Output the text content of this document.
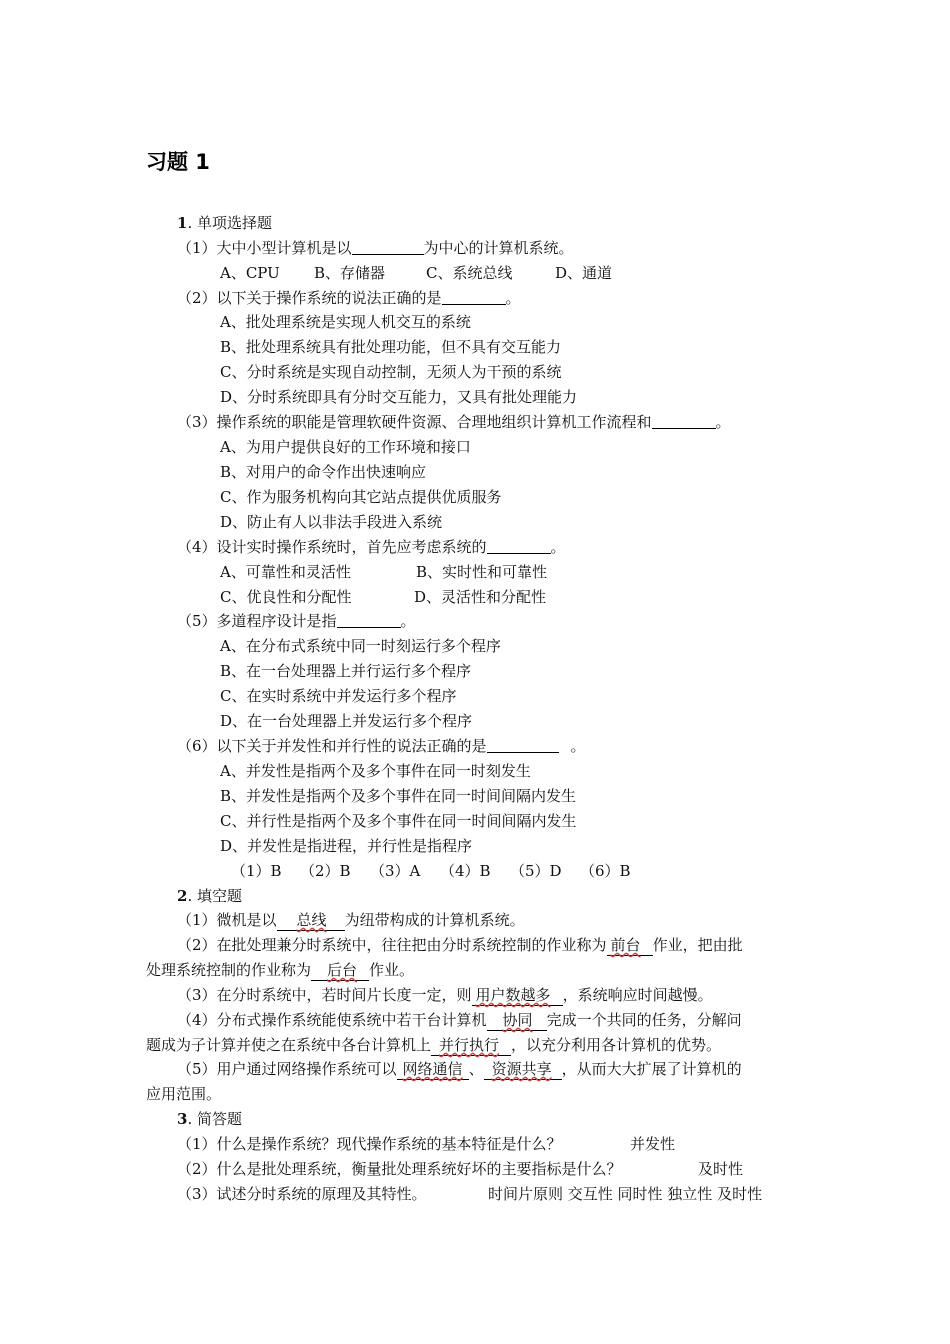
习题 1
1. 单项选择题
（1）大中小型计算机是以	为中心的计算机系统。
A、CPU B、存储器	C、系统总线	D、通道
（2）以下关于操作系统的说法正确的是	。
A、批处理系统是实现人机交互的系统
B、批处理系统具有批处理功能，但不具有交互能力
C、分时系统是实现自动控制，无须人为干预的系统
D、分时系统即具有分时交互能力，又具有批处理能力
（3）操作系统的职能是管理软硬件资源、合理地组织计算机工作流程和	。
A、为用户提供良好的工作环境和接口
B、对用户的命令作出快速响应
C、作为服务机构向其它站点提供优质服务
D、防止有人以非法手段进入系统
（4）设计实时操作系统时，首先应考虑系统的	。
A、可靠性和灵活性	B、实时性和可靠性
C、优良性和分配性	D、灵活性和分配性
（5）多道程序设计是指	。
A、在分布式系统中同一时刻运行多个程序
B、在一台处理器上并行运行多个程序
C、在实时系统中并发运行多个程序
D、在一台处理器上并发运行多个程序
（6）以下关于并发性和并行性的说法正确的是	。
A、并发性是指两个及多个事件在同一时刻发生
B、并发性是指两个及多个事件在同一时间间隔内发生
C、并行性是指两个及多个事件在同一时间间隔内发生
D、并发性是指进程，并行性是指程序
（1）B （2）B （3）A （4）B （5）D （6）B
2. 填空题
（1）微机是以 总线 为纽带构成的计算机系统。
（2）在批处理兼分时系统中，往往把由分时系统控制的作业称为 前台 作业，把由批
处理系统控制的作业称为 后台 作业。
（3）在分时系统中，若时间片长度一定，则 用户数越多 ，系统响应时间越慢。
（4）分布式操作系统能使系统中若干台计算机 协同 完成一个共同的任务，分解问
题成为子计算并使之在系统中各台计算机上 并行执行 ，以充分利用各计算机的优势。
（5）用户通过网络操作系统可以 网络通信 、 资源共享 ，从而大大扩展了计算机的
应用范围。
3. 简答题
（1）什么是操作系统？现代操作系统的基本特征是什么？	并发性
（2）什么是批处理系统，衡量批处理系统好坏的主要指标是什么？	及时性
（3）试述分时系统的原理及其特性。	时间片原则 交互性 同时性 独立性 及时性
